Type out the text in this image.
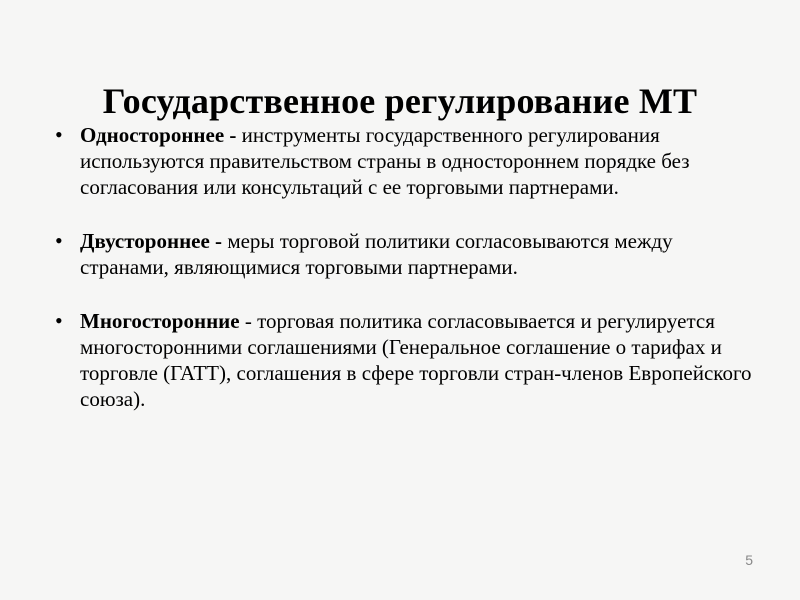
Государственное регулирование МТ
• Одностороннее - инструменты государственного регулирования используются правительством страны в одностороннем порядке без согласования или консультаций с ее торговыми партнерами.
• Двустороннее - меры торговой политики согласовываются между странами, являющимися торговыми партнерами.
• Многосторонние - торговая политика согласовывается и регулируется многосторонними соглашениями (Генеральное соглашение о тарифах и торговле (ГАТТ), соглашения в сфере торговли стран-членов Европейского союза).
5
